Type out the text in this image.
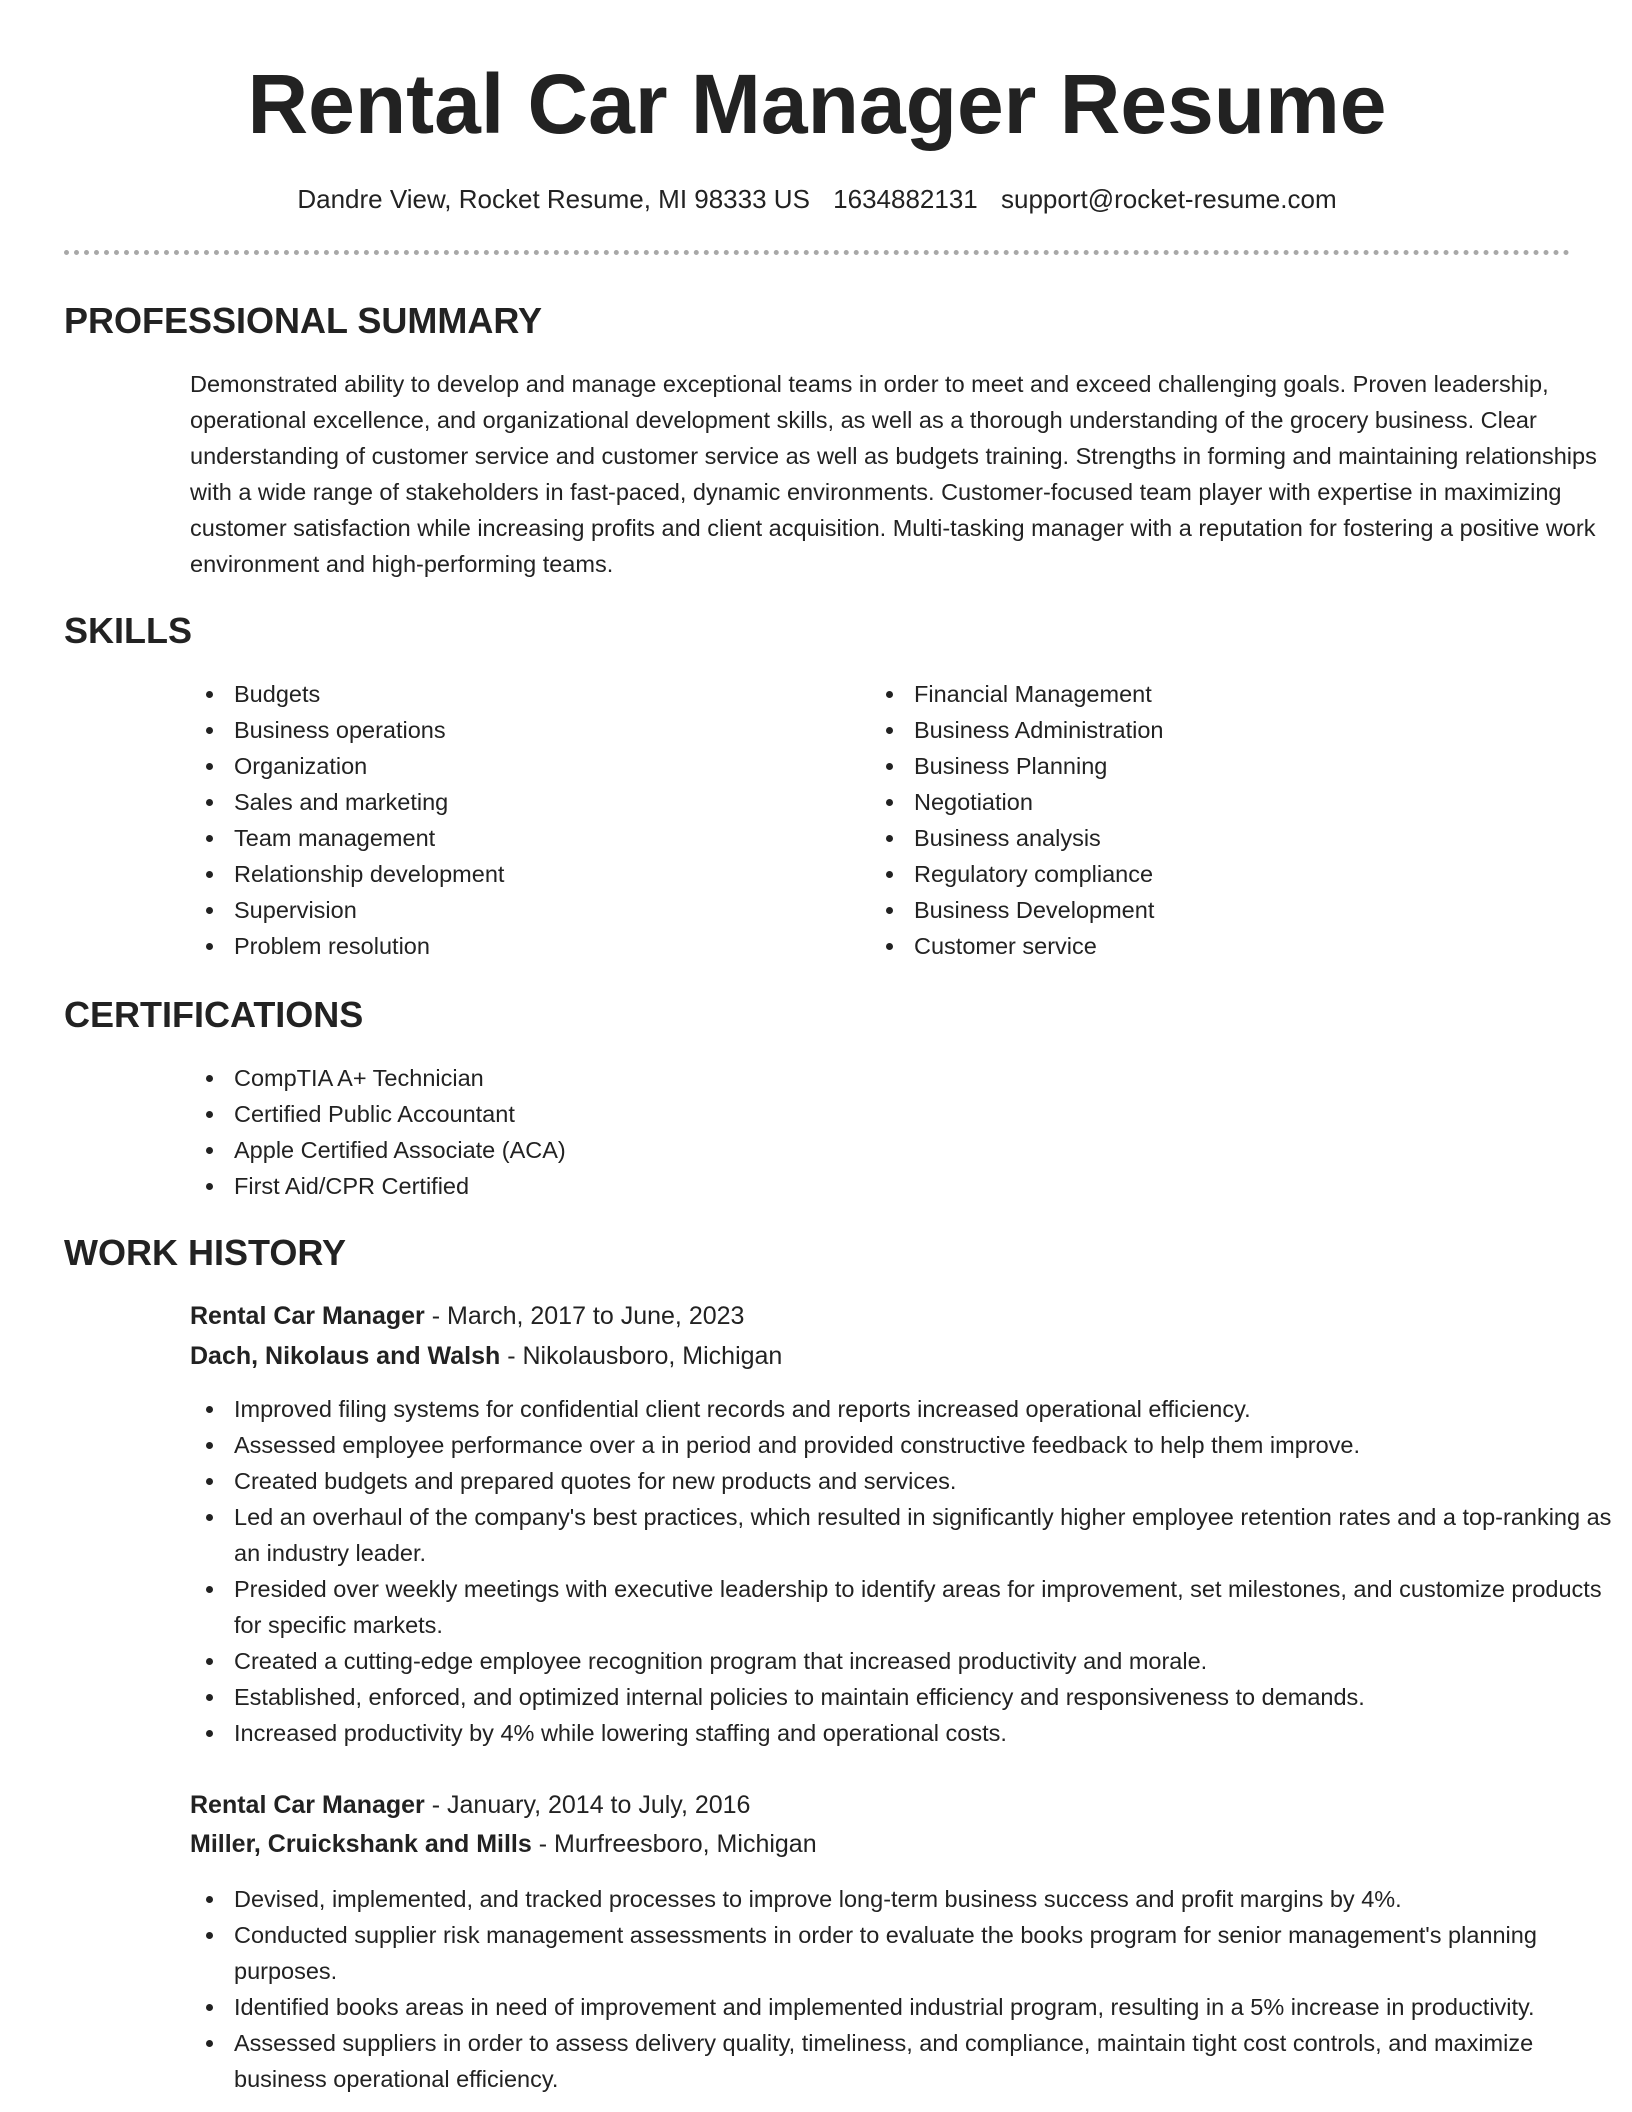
Rental Car Manager Resume
Dandre View, Rocket Resume, MI 98333 US 1634882131 support@rocket-resume.com
PROFESSIONAL SUMMARY

Demonstrated ability to develop and manage exceptional teams in order to meet and exceed challenging goals. Proven leadership, operational excellence, and organizational development skills, as well as a thorough understanding of the grocery business. Clear understanding of customer service and customer service as well as budgets training. Strengths in forming and maintaining relationships with a wide range of stakeholders in fast-paced, dynamic environments. Customer-focused team player with expertise in maximizing customer satisfaction while increasing profits and client acquisition. Multi-tasking manager with a reputation for fostering a positive work environment and high-performing teams.

SKILLS
Budgets
Business operations
Organization
Sales and marketing
Team management
Relationship development
Supervision
Problem resolution
Financial Management
Business Administration
Business Planning
Negotiation
Business analysis
Regulatory compliance
Business Development
Customer service
CERTIFICATIONS
CompTIA A+ Technician
Certified Public Accountant
Apple Certified Associate (ACA)
First Aid/CPR Certified
WORK HISTORY

Rental Car Manager - March, 2017 to June, 2023

Dach, Nikolaus and Walsh - Nikolausboro, Michigan

Improved filing systems for confidential client records and reports increased operational efficiency.
Assessed employee performance over a in period and provided constructive feedback to help them improve.
Created budgets and prepared quotes for new products and services.
Led an overhaul of the company's best practices, which resulted in significantly higher employee retention rates and a top-ranking as an industry leader.
Presided over weekly meetings with executive leadership to identify areas for improvement, set milestones, and customize products for specific markets.
Created a cutting-edge employee recognition program that increased productivity and morale.
Established, enforced, and optimized internal policies to maintain efficiency and responsiveness to demands.
Increased productivity by 4% while lowering staffing and operational costs.

Rental Car Manager - January, 2014 to July, 2016

Miller, Cruickshank and Mills - Murfreesboro, Michigan

Devised, implemented, and tracked processes to improve long-term business success and profit margins by 4%.
Conducted supplier risk management assessments in order to evaluate the books program for senior management's planning purposes.
Identified books areas in need of improvement and implemented industrial program, resulting in a 5% increase in productivity.
Assessed suppliers in order to assess delivery quality, timeliness, and compliance, maintain tight cost controls, and maximize business operational efficiency.
